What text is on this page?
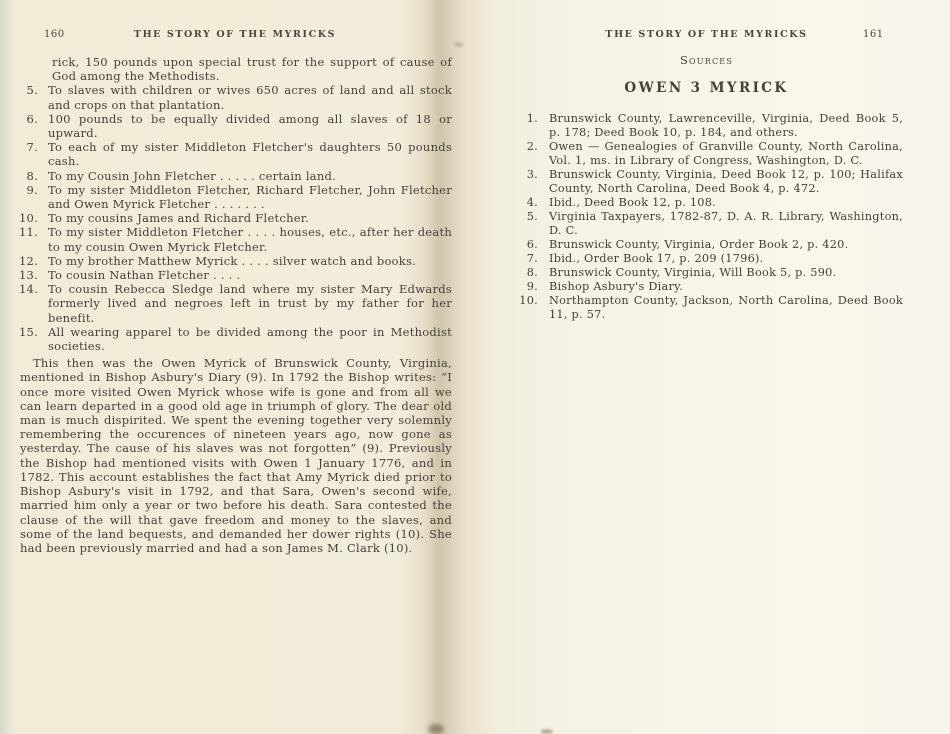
160	THE STORY OF THE MYRICKS

rick, 150 pounds upon special trust for the support of cause of God among the Methodists.

5. To slaves with children or wives 650 acres of land and all stock and crops on that plantation.
6. 100 pounds to be equally divided among all slaves of 18 or upward.
7. To each of my sister Middleton Fletcher's daughters 50 pounds cash.
8. To my Cousin John Fletcher . . . . . certain land.
9. To my sister Middleton Fletcher, Richard Fletcher, John Fletcher and Owen Myrick Fletcher . . . . . . .
10. To my cousins James and Richard Fletcher.
11. To my sister Middleton Fletcher . . . . houses, etc., after her death to my cousin Owen Myrick Fletcher.
12. To my brother Matthew Myrick . . . . silver watch and books.
13. To cousin Nathan Fletcher . . . .
14. To cousin Rebecca Sledge land where my sister Mary Edwards formerly lived and negroes left in trust by my father for her benefit.
15. All wearing apparel to be divided among the poor in Methodist societies.

This then was the Owen Myrick of Brunswick County, Virginia, mentioned in Bishop Asbury's Diary (9). In 1792 the Bishop writes: “I once more visited Owen Myrick whose wife is gone and from all we can learn departed in a good old age in triumph of glory. The dear old man is much dispirited. We spent the evening together very solemnly remembering the occurences of nineteen years ago, now gone as yesterday. The cause of his slaves was not forgotten” (9). Previously the Bishop had mentioned visits with Owen 1 January 1776, and in 1782. This account establishes the fact that Amy Myrick died prior to Bishop Asbury's visit in 1792, and that Sara, Owen's second wife, married him only a year or two before his death. Sara contested the clause of the will that gave freedom and money to the slaves, and some of the land bequests, and demanded her dower rights (10). She had been previously married and had a son James M. Clark (10).

THE STORY OF THE MYRICKS	161
Sources
OWEN 3 MYRICK
1. Brunswick County, Lawrenceville, Virginia, Deed Book 5, p. 178; Deed Book 10, p. 184, and others.
2. Owen — Genealogies of Granville County, North Carolina, Vol. 1, ms. in Library of Congress, Washington, D. C.
3. Brunswick County, Virginia, Deed Book 12, p. 100; Halifax County, North Carolina, Deed Book 4, p. 472.
4. Ibid., Deed Book 12, p. 108.
5. Virginia Taxpayers, 1782-87, D. A. R. Library, Washington, D. C.
6. Brunswick County, Virginia, Order Book 2, p. 420.
7. Ibid., Order Book 17, p. 209 (1796).
8. Brunswick County, Virginia, Will Book 5, p. 590.
9. Bishop Asbury's Diary.
10. Northampton County, Jackson, North Carolina, Deed Book 11, p. 57.
